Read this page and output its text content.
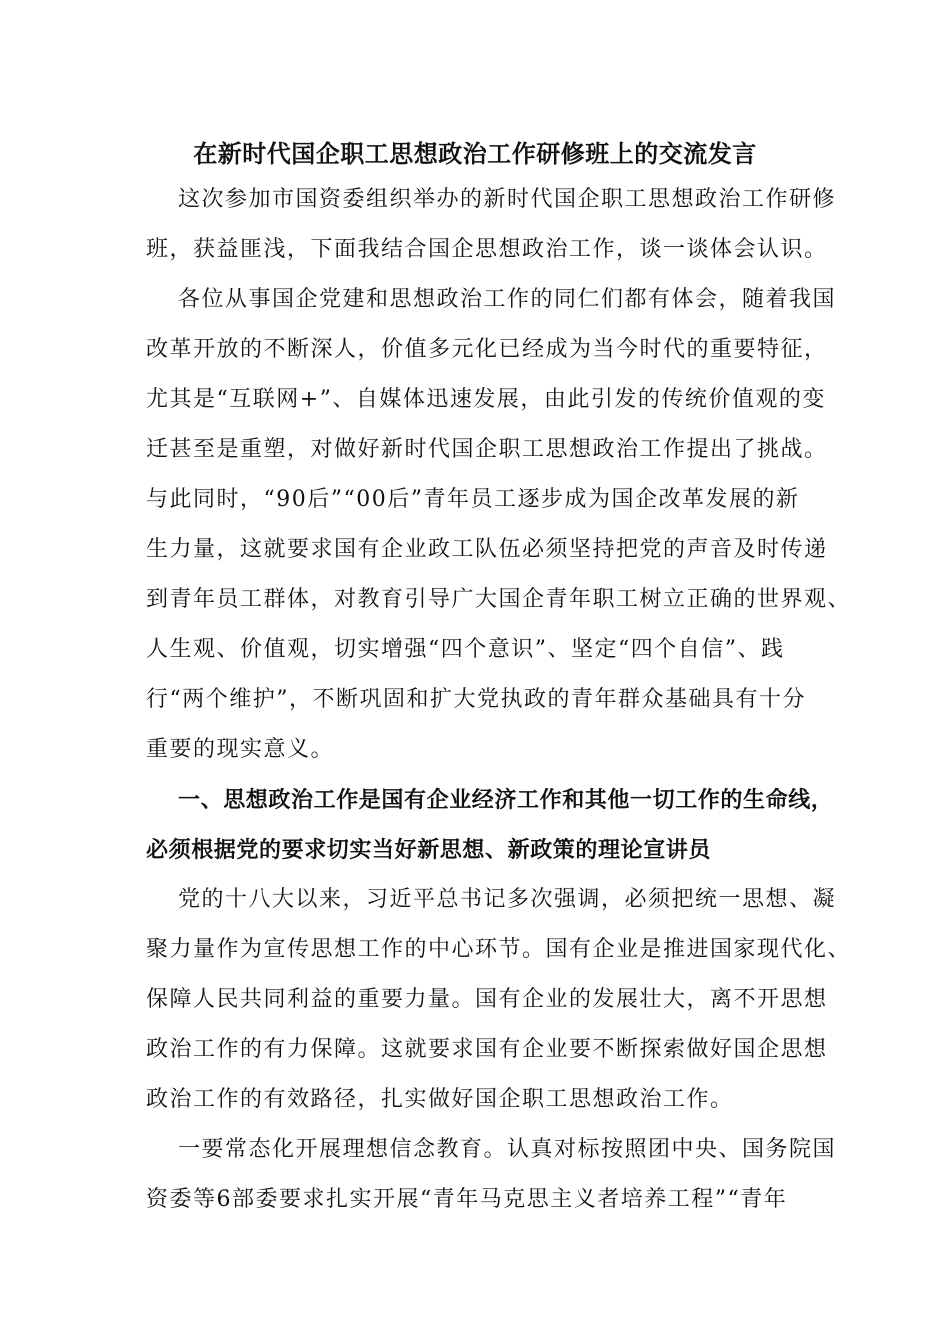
在新时代国企职工思想政治工作研修班上的交流发言

这次参加市国资委组织举办的新时代国企职工思想政治工作研修

班，获益匪浅，下面我结合国企思想政治工作，谈一谈体会认识。

各位从事国企党建和思想政治工作的同仁们都有体会，随着我国

改革开放的不断深人，价值多元化已经成为当今时代的重要特征，

尤其是“互联网+”、自媒体迅速发展，由此引发的传统价值观的变

迁甚至是重塑，对做好新时代国企职工思想政治工作提出了挑战。

与此同时，“90后”“00后”青年员工逐步成为国企改革发展的新

生力量，这就要求国有企业政工队伍必须坚持把党的声音及时传递

到青年员工群体，对教育引导广大国企青年职工树立正确的世界观、

人生观、价值观，切实增强“四个意识”、坚定“四个自信”、践

行“两个维护”，不断巩固和扩大党执政的青年群众基础具有十分

重要的现实意义。

一、思想政治工作是国有企业经济工作和其他一切工作的生命线，

必须根据党的要求切实当好新思想、新政策的理论宣讲员

党的十八大以来，习近平总书记多次强调，必须把统一思想、凝

聚力量作为宣传思想工作的中心环节。国有企业是推进国家现代化、

保障人民共同利益的重要力量。国有企业的发展壮大，离不开思想

政治工作的有力保障。这就要求国有企业要不断探索做好国企思想

政治工作的有效路径，扎实做好国企职工思想政治工作。

一要常态化开展理想信念教育。认真对标按照团中央、国务院国

资委等6部委要求扎实开展“青年马克思主义者培养工程”“青年
